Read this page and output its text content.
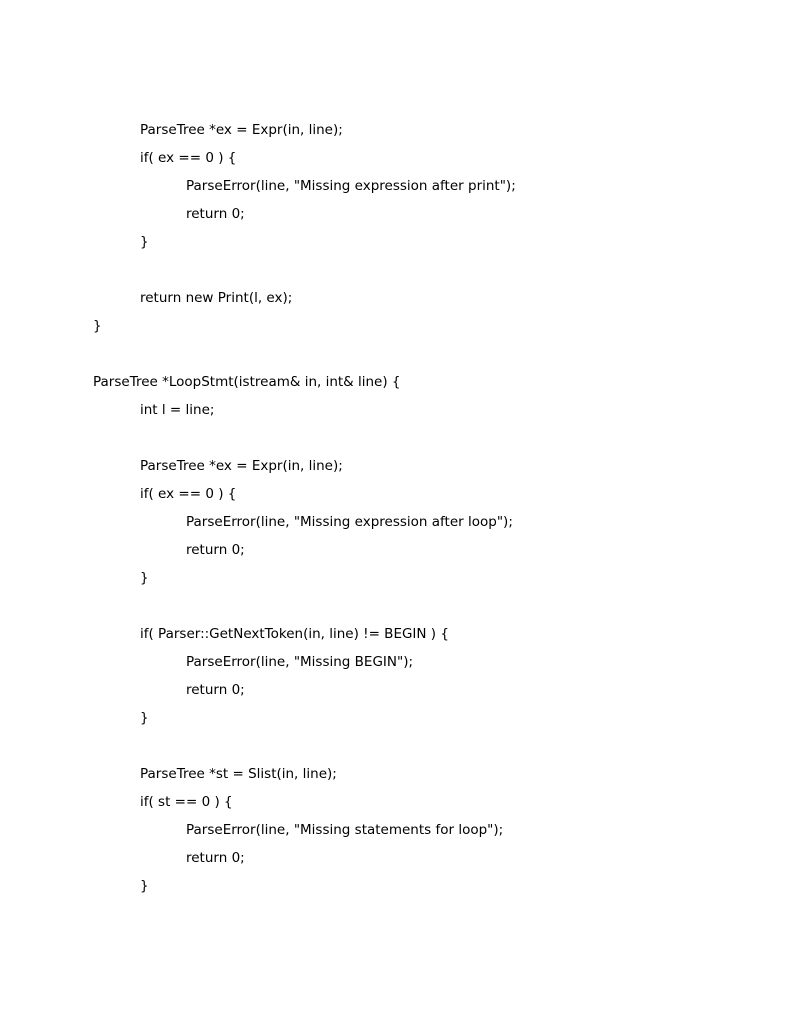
ParseTree *ex = Expr(in, line);
if( ex == 0 ) {
ParseError(line, "Missing expression after print");
return 0;
}
return new Print(l, ex);
}
ParseTree *LoopStmt(istream& in, int& line) {
int l = line;
ParseTree *ex = Expr(in, line);
if( ex == 0 ) {
ParseError(line, "Missing expression after loop");
return 0;
}
if( Parser::GetNextToken(in, line) != BEGIN ) {
ParseError(line, "Missing BEGIN");
return 0;
}
ParseTree *st = Slist(in, line);
if( st == 0 ) {
ParseError(line, "Missing statements for loop");
return 0;
}
